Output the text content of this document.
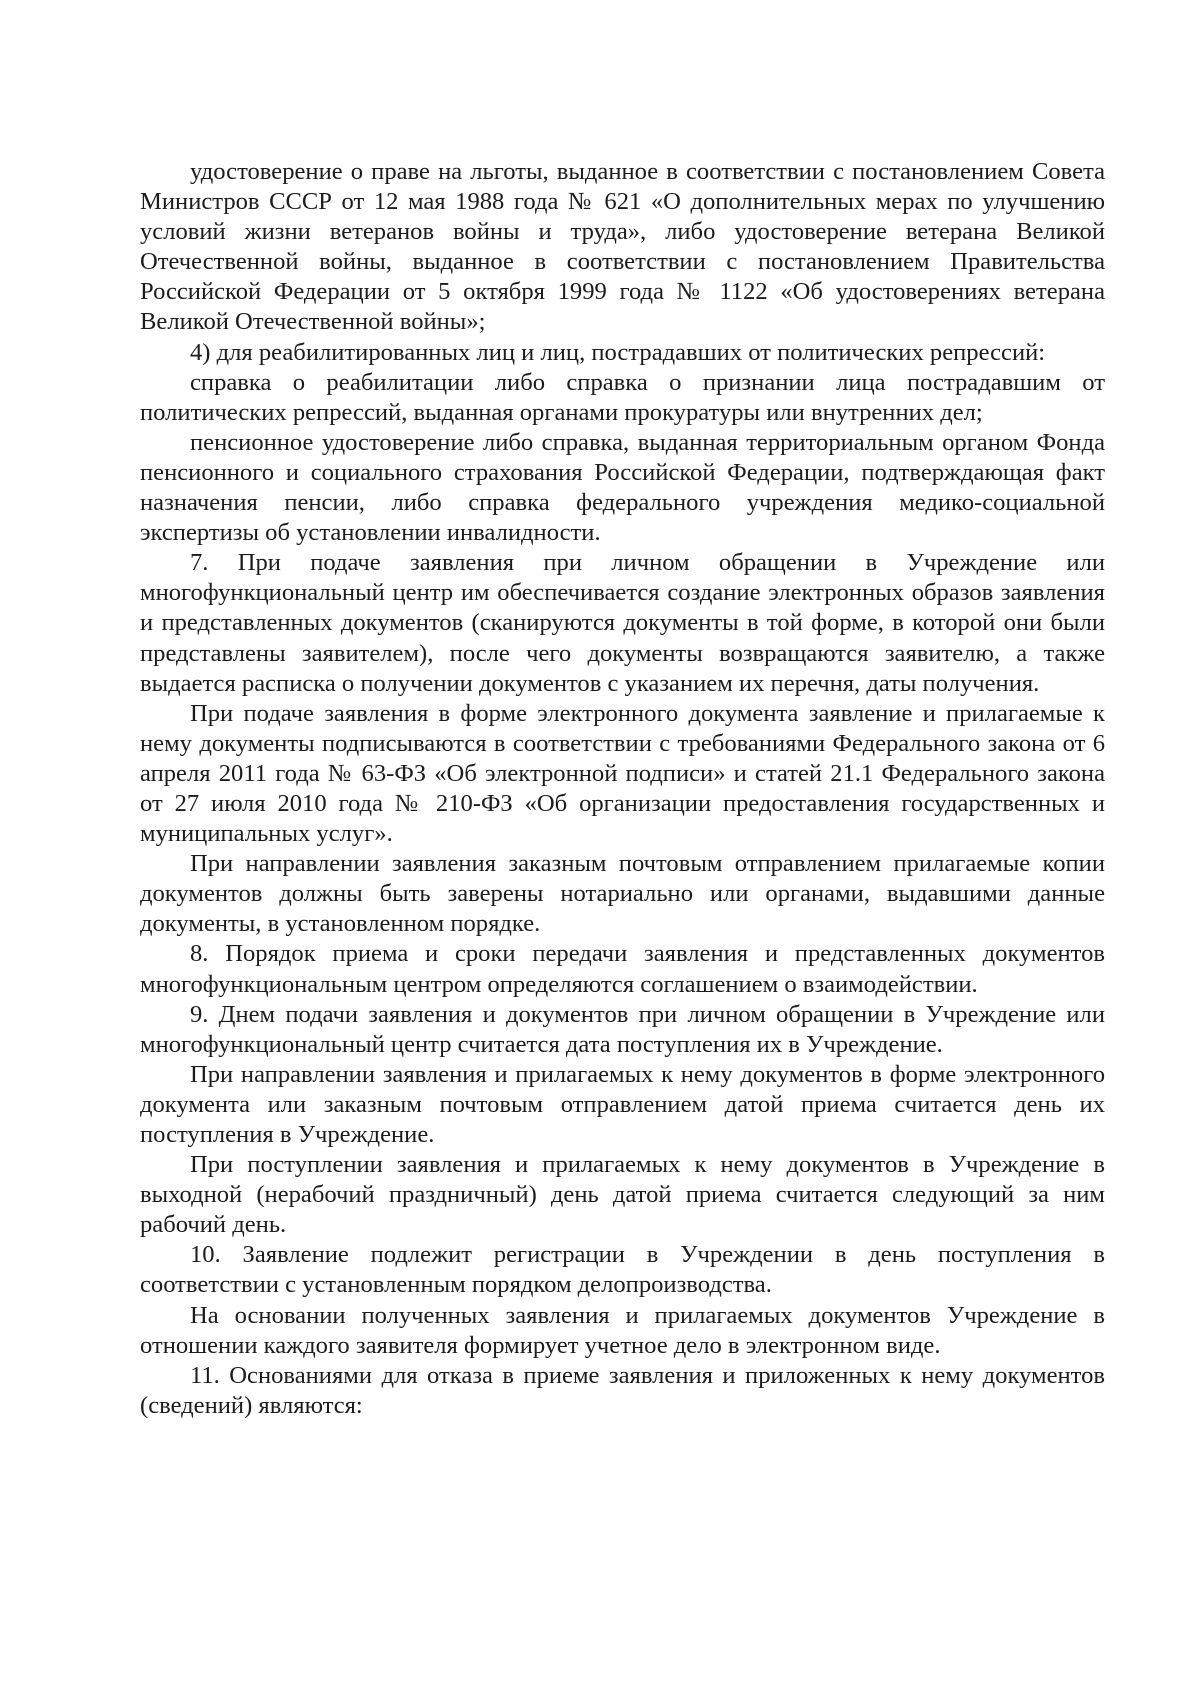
удостоверение о праве на льготы, выданное в соответствии с постановлением Совета Министров СССР от 12 мая 1988 года № 621 «О дополнительных мерах по улучшению условий жизни ветеранов войны и труда», либо удостоверение ветерана Великой Отечественной войны, выданное в соответствии с постановлением Правительства Российской Федерации от 5 октября 1999 года № 1122 «Об удостоверениях ветерана Великой Отечественной войны»;

4) для реабилитированных лиц и лиц, пострадавших от политических репрессий:

справка о реабилитации либо справка о признании лица пострадавшим от политических репрессий, выданная органами прокуратуры или внутренних дел;

пенсионное удостоверение либо справка, выданная территориальным органом Фонда пенсионного и социального страхования Российской Федерации, подтверждающая факт назначения пенсии, либо справка федерального учреждения медико-социальной экспертизы об установлении инвалидности.

7. При подаче заявления при личном обращении в Учреждение или многофункциональный центр им обеспечивается создание электронных образов заявления и представленных документов (сканируются документы в той форме, в которой они были представлены заявителем), после чего документы возвращаются заявителю, а также выдается расписка о получении документов с указанием их перечня, даты получения.

При подаче заявления в форме электронного документа заявление и прилагаемые к нему документы подписываются в соответствии с требованиями Федерального закона от 6 апреля 2011 года № 63-ФЗ «Об электронной подписи» и статей 21.1 Федерального закона от 27 июля 2010 года № 210-ФЗ «Об организации предоставления государственных и муниципальных услуг».

При направлении заявления заказным почтовым отправлением прилагаемые копии документов должны быть заверены нотариально или органами, выдавшими данные документы, в установленном порядке.

8. Порядок приема и сроки передачи заявления и представленных документов многофункциональным центром определяются соглашением о взаимодействии.

9. Днем подачи заявления и документов при личном обращении в Учреждение или многофункциональный центр считается дата поступления их в Учреждение.

При направлении заявления и прилагаемых к нему документов в форме электронного документа или заказным почтовым отправлением датой приема считается день их поступления в Учреждение.

При поступлении заявления и прилагаемых к нему документов в Учреждение в выходной (нерабочий праздничный) день датой приема считается следующий за ним рабочий день.

10. Заявление подлежит регистрации в Учреждении в день поступления в соответствии с установленным порядком делопроизводства.

На основании полученных заявления и прилагаемых документов Учреждение в отношении каждого заявителя формирует учетное дело в электронном виде.

11. Основаниями для отказа в приеме заявления и приложенных к нему документов (сведений) являются:
